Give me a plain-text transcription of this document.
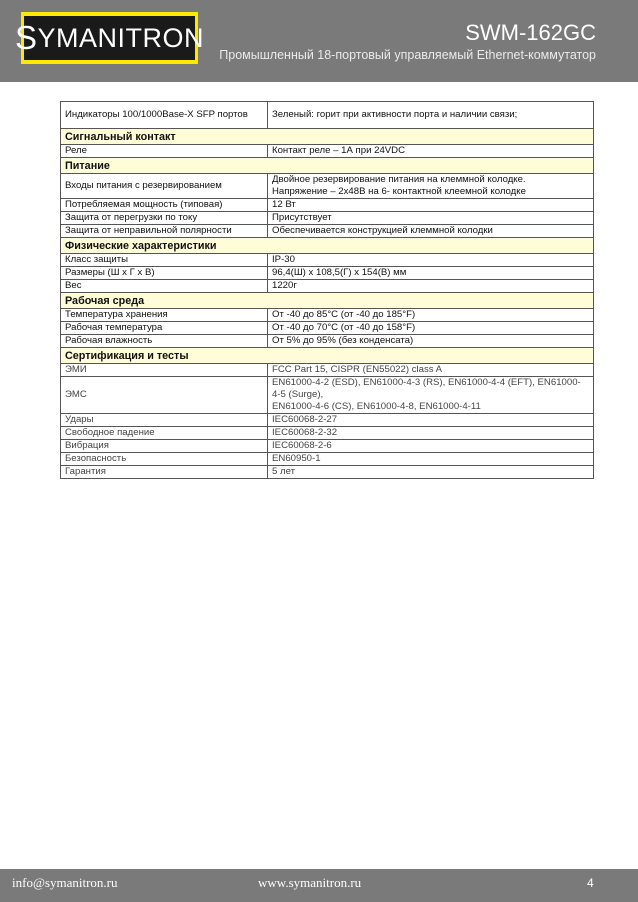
S YMANITRON	SWM-162GC
Промышленный 18-портовый управляемый Ethernet-коммутатор
Индикаторы 100/1000Base-X SFP портов	Зеленый: горит при активности порта и наличии связи;

Сигнальный контакт	
Реле	Контакт реле – 1А при 24VDC

Питание	
Входы питания с резервированием	Двойное резервирование питания на клеммной колодке.
Напряжение – 2х48В на 6- контактной клеемной колодке

Потребляемая мощность (типовая)	12 Вт

Защита от перегрузки по току	Присутствует

Защита от неправильной полярности	Обеспечивается конструкцией клеммной колодки

Физические характеристики	
Класс защиты	IP-30

Размеры (Ш x Г x В)	96,4(Ш) x 108,5(Г) x 154(В) мм

Вес	1220г

Рабочая среда	
Температура хранения	От -40 до 85°С (от -40 до 185°F)

Рабочая температура	От -40 до 70°С (от -40 до 158°F)

Рабочая влажность	От 5% до 95% (без конденсата)

Сертификация и тесты	
ЭМИ	FCC Part 15, CISPR (EN55022) class A

ЭМС	EN61000-4-2 (ESD), EN61000-4-3 (RS), EN61000-4-4 (EFT), EN61000-
4-5 (Surge),
EN61000-4-6 (CS), EN61000-4-8, EN61000-4-11

Удары	IEC60068-2-27

Свободное падение	IEC60068-2-32

Вибрация	IEC60068-2-6

Безопасность	EN60950-1

Гарантия	5 лет
info@symanitron.ru	www.symanitron.ru	4
